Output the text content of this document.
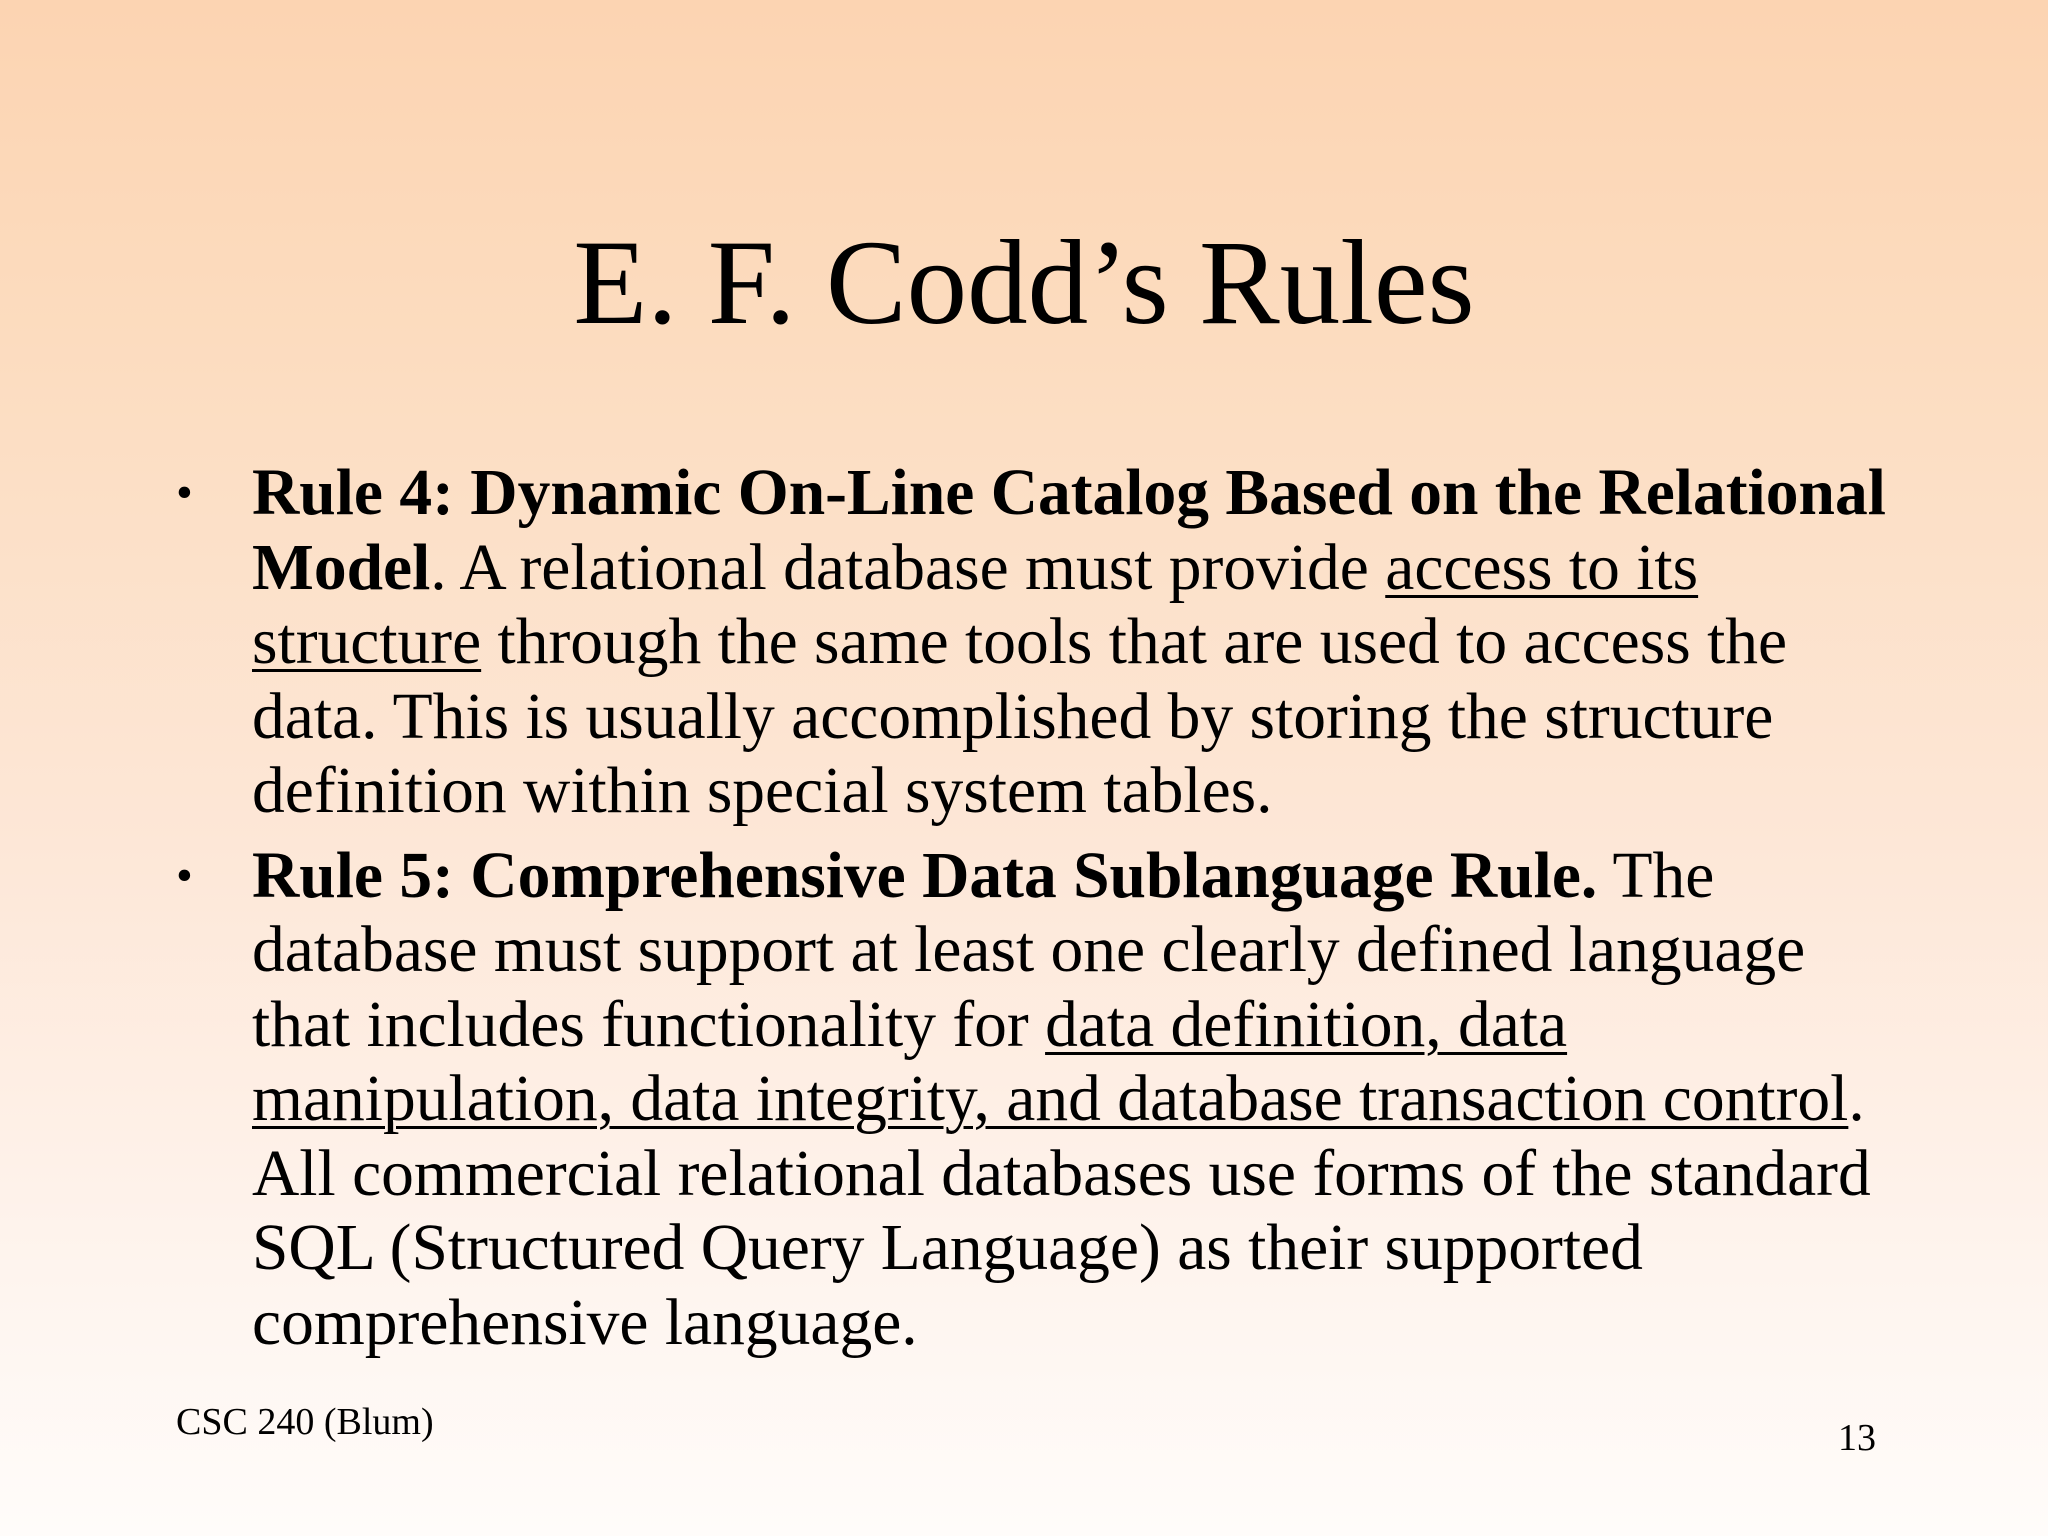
E. F. Codd’s Rules
• Rule 4: Dynamic On-Line Catalog Based on the Relational Model. A relational database must provide access to its structure through the same tools that are used to access the data. This is usually accomplished by storing the structure definition within special system tables.
• Rule 5: Comprehensive Data Sublanguage Rule. The database must support at least one clearly defined language that includes functionality for data definition, data manipulation, data integrity, and database transaction control. All commercial relational databases use forms of the standard SQL (Structured Query Language) as their supported comprehensive language.
CSC 240 (Blum)	13
